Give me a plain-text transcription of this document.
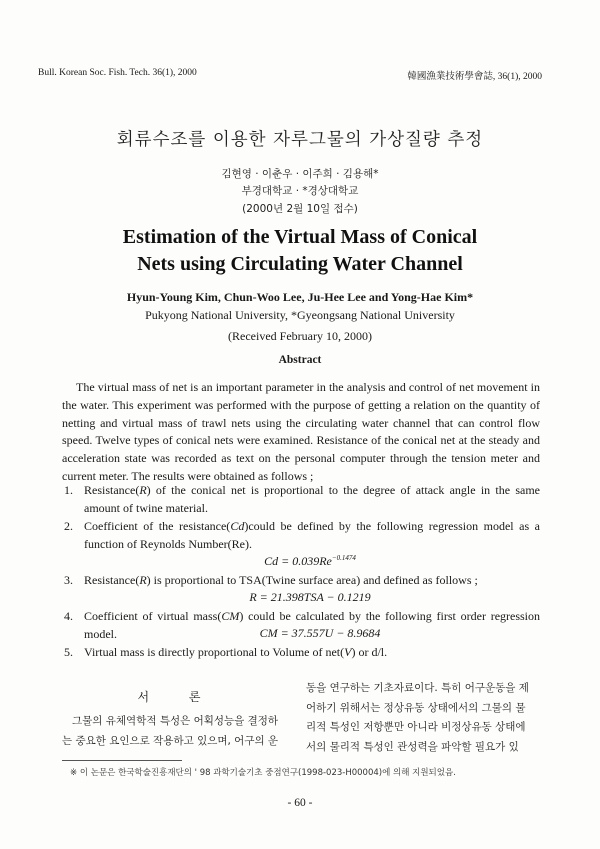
Bull. Korean Soc. Fish. Tech. 36(1), 2000	韓國漁業技術學會誌, 36(1), 2000
회류수조를 이용한 자루그물의 가상질량 추정
김현영 · 이춘우 · 이주희 · 김용해*
부경대학교 · *경상대학교
(2000년 2월 10일 접수)
Estimation of the Virtual Mass of Conical
Nets using Circulating Water Channel
Hyun-Young Kim, Chun-Woo Lee, Ju-Hee Lee and Yong-Hae Kim*
Pukyong National University, *Gyeongsang National University
(Received February 10, 2000)
Abstract

The virtual mass of net is an important parameter in the analysis and control of net movement in the water. This experiment was performed with the purpose of getting a relation on the quantity of netting and virtual mass of trawl nets using the circulating water channel that can control flow speed. Twelve types of conical nets were examined. Resistance of the conical net at the steady and acceleration state was recorded as text on the personal computer through the tension meter and current meter. The results were obtained as follows ;

1. Resistance(R) of the conical net is proportional to the degree of attack angle in the same amount of twine material.
2. Coefficient of the resistance(Cd)could be defined by the following regression model as a function of Reynolds Number(Re).
3. Resistance(R) is proportional to TSA(Twine surface area) and defined as follows ;
4. Coefficient of virtual mass(CM) could be calculated by the following first order regression model.
5. Virtual mass is directly proportional to Volume of net(V) or d/l.
$Cd = 0.039Re^{-0.1474}$
R = 21.398TSA − 0.1219
CM = 37.557U − 8.9684
서 론
그물의 유체역학적 특성은 어획성능을 결정하
는 중요한 요인으로 작용하고 있으며, 어구의 운
동을 연구하는 기초자료이다. 특히 어구운동을 제
어하기 위해서는 정상유동 상태에서의 그물의 물
리적 특성인 저항뿐만 아니라 비정상유동 상태에
서의 물리적 특성인 관성력을 파악할 필요가 있
※ 이 논문은 한국학술진흥재단의 ' 98 과학기술기초 중점연구(1998-023-H00004)에 의해 지원되었음.
- 60 -
